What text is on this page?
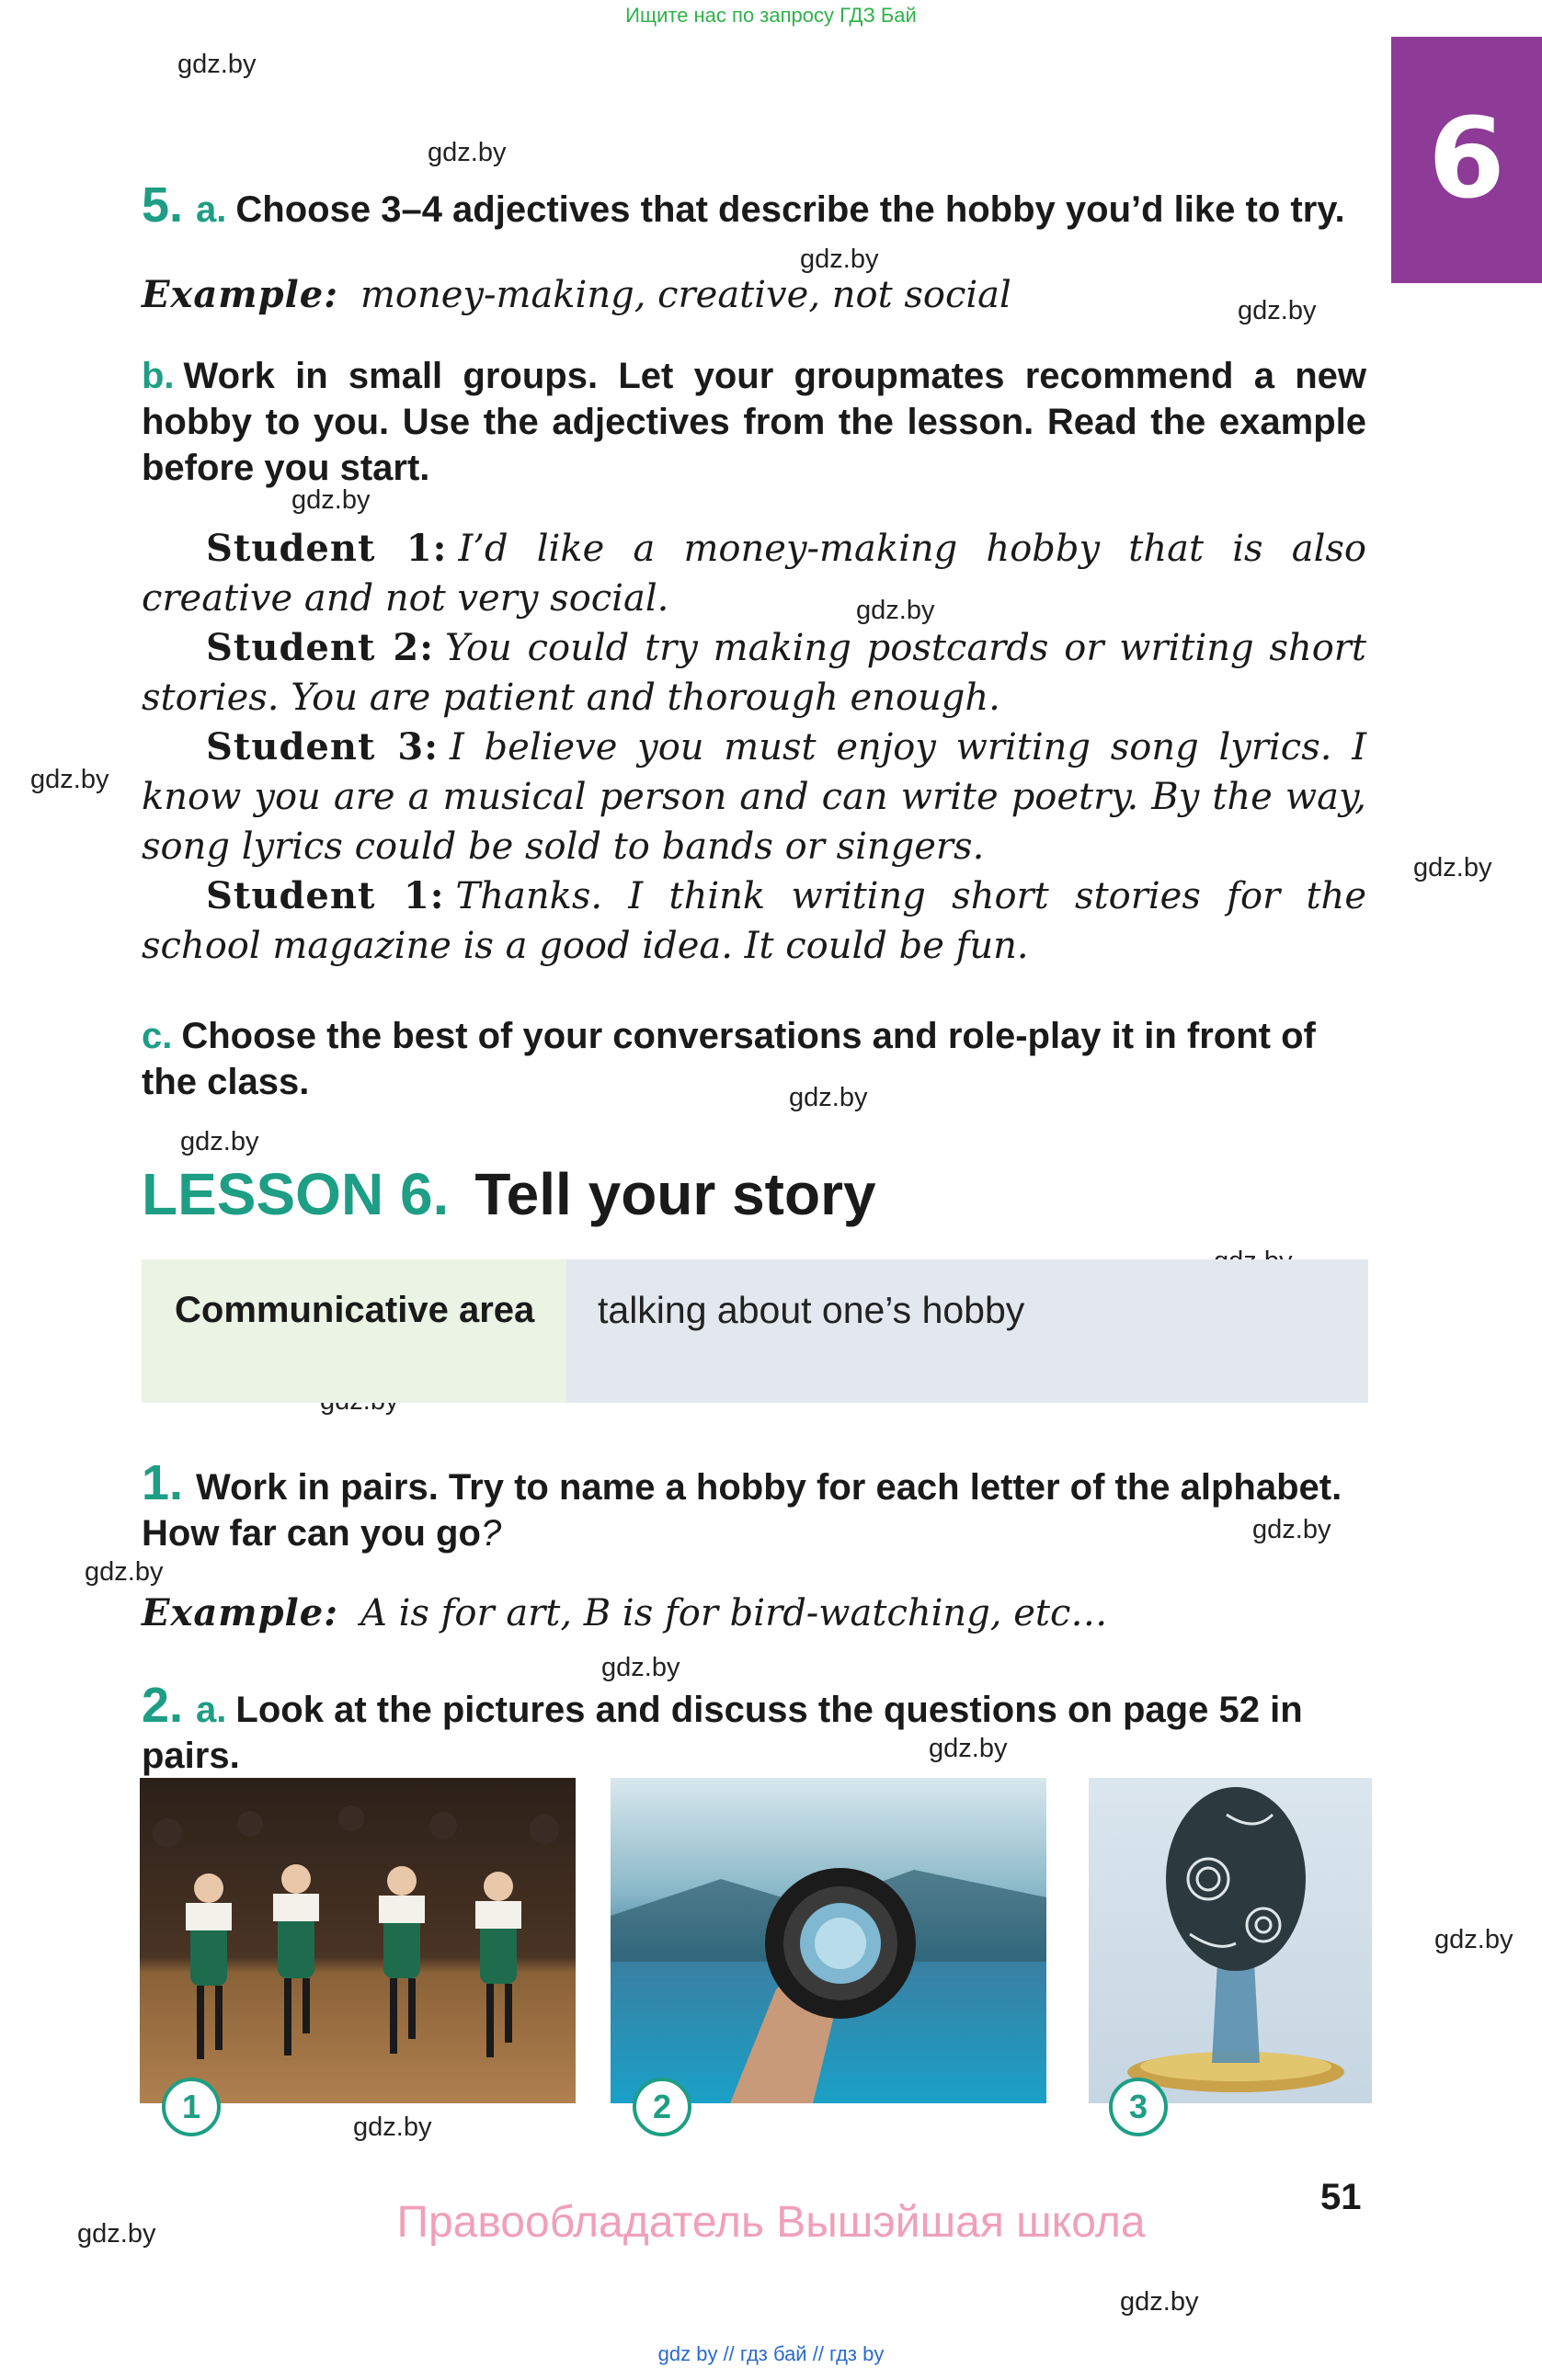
Ищите нас по запросу ГДЗ Бай
6
gdz.by
gdz.by
gdz.by
gdz.by
gdz.by
gdz.by
gdz.by
gdz.by
gdz.by
gdz.by
gdz.by
gdz.by
gdz.by
gdz.by
gdz.by
gdz.by
gdz.by
gdz.by
5. a. Choose 3–4 adjectives that describe the hobby you’d like to try.
Example: money-making, creative, not social
b. Work in small groups. Let your groupmates recommend a new hobby to you. Use the adjectives from the lesson. Read the example before you start.

Student 1: I’d like a money-making hobby that is also creative and not very social.

Student 2: You could try making postcards or writing short stories. You are patient and thorough enough.

Student 3: I believe you must enjoy writing song lyrics. I know you are a musical person and can write poetry. By the way, song lyrics could be sold to bands or singers.

Student 1: Thanks. I think writing short stories for the school magazine is a good idea. It could be fun.

c. Choose the best of your conversations and role-play it in front of the class.
LESSON 6. Tell your story
Communicative area talking about one’s hobby
1. Work in pairs. Try to name a hobby for each letter of the alphabet. How far can you go?
Example: A is for art, B is for bird-watching, etc…
2. a. Look at the pictures and discuss the questions on page 52 in pairs.
1	2	3
51
Правообладатель Вышэйшая школа
gdz by // гдз бай // гдз by
